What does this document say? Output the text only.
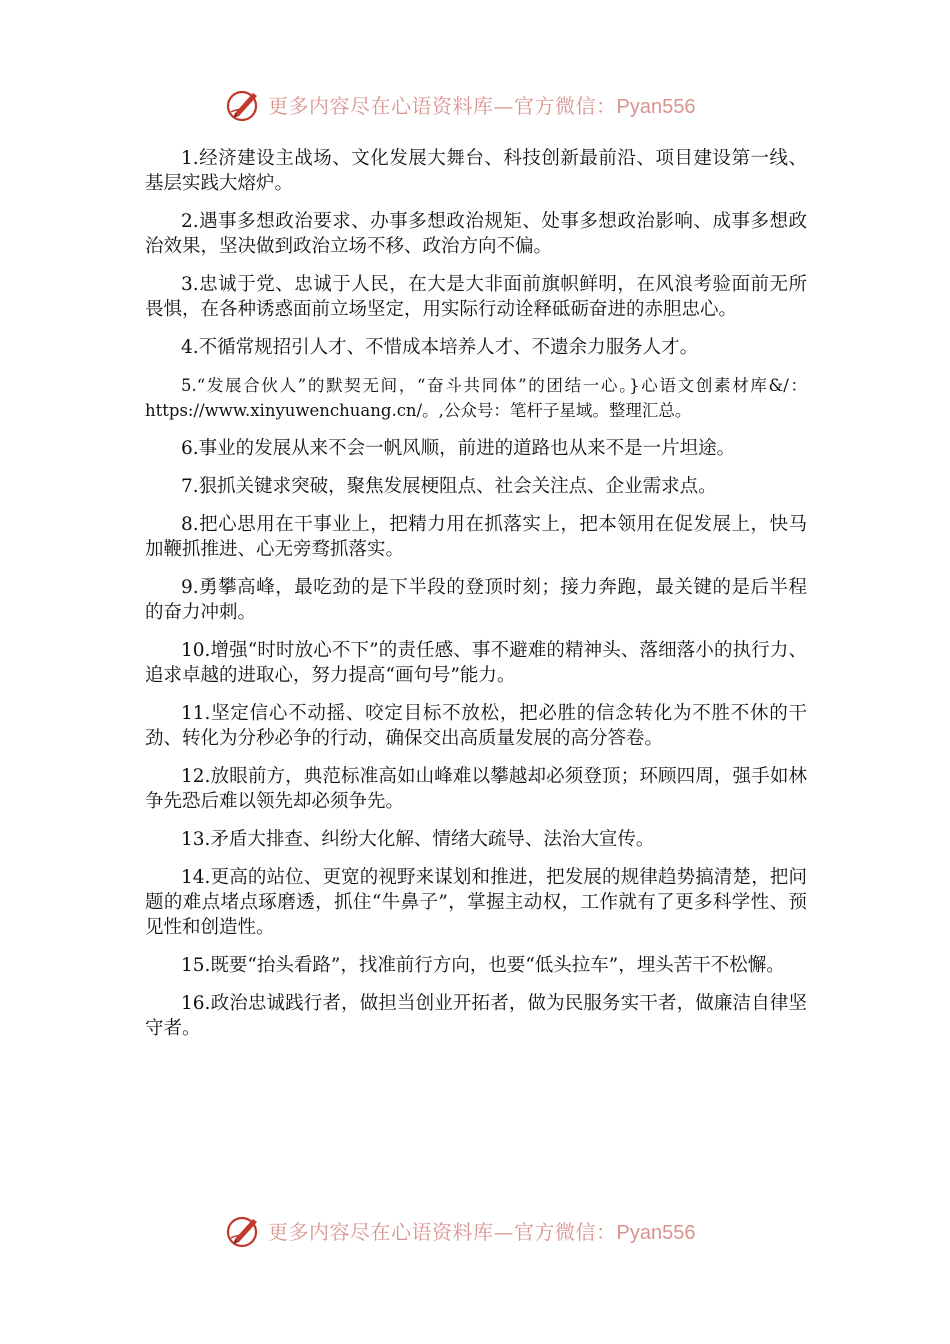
更多内容尽在心语资料库—官方微信：Pyan556

1.经济建设主战场、文化发展大舞台、科技创新最前沿、项目建设第一线、基层实践大熔炉。

2.遇事多想政治要求、办事多想政治规矩、处事多想政治影响、成事多想政治效果，坚决做到政治立场不移、政治方向不偏。

3.忠诚于党、忠诚于人民，在大是大非面前旗帜鲜明，在风浪考验面前无所畏惧，在各种诱惑面前立场坚定，用实际行动诠释砥砺奋进的赤胆忠心。

4.不循常规招引人才、不惜成本培养人才、不遗余力服务人才。

5.“发展合伙人”的默契无间，“奋斗共同体”的团结一心。}心语文创素材库&/：https://www.xinyuwenchuang.cn/。,公众号：笔杆子星域。整理汇总。

6.事业的发展从来不会一帆风顺，前进的道路也从来不是一片坦途。

7.狠抓关键求突破，聚焦发展梗阻点、社会关注点、企业需求点。

8.把心思用在干事业上，把精力用在抓落实上，把本领用在促发展上，快马加鞭抓推进、心无旁骛抓落实。

9.勇攀高峰，最吃劲的是下半段的登顶时刻；接力奔跑，最关键的是后半程的奋力冲刺。

10.增强“时时放心不下”的责任感、事不避难的精神头、落细落小的执行力、追求卓越的进取心，努力提高“画句号”能力。

11.坚定信心不动摇、咬定目标不放松，把必胜的信念转化为不胜不休的干劲、转化为分秒必争的行动，确保交出高质量发展的高分答卷。

12.放眼前方，典范标准高如山峰难以攀越却必须登顶；环顾四周，强手如林争先恐后难以领先却必须争先。

13.矛盾大排查、纠纷大化解、情绪大疏导、法治大宣传。

14.更高的站位、更宽的视野来谋划和推进，把发展的规律趋势搞清楚，把问题的难点堵点琢磨透，抓住“牛鼻子”，掌握主动权，工作就有了更多科学性、预见性和创造性。

15.既要“抬头看路”，找准前行方向，也要“低头拉车”，埋头苦干不松懈。

16.政治忠诚践行者，做担当创业开拓者，做为民服务实干者，做廉洁自律坚守者。

更多内容尽在心语资料库—官方微信：Pyan556
